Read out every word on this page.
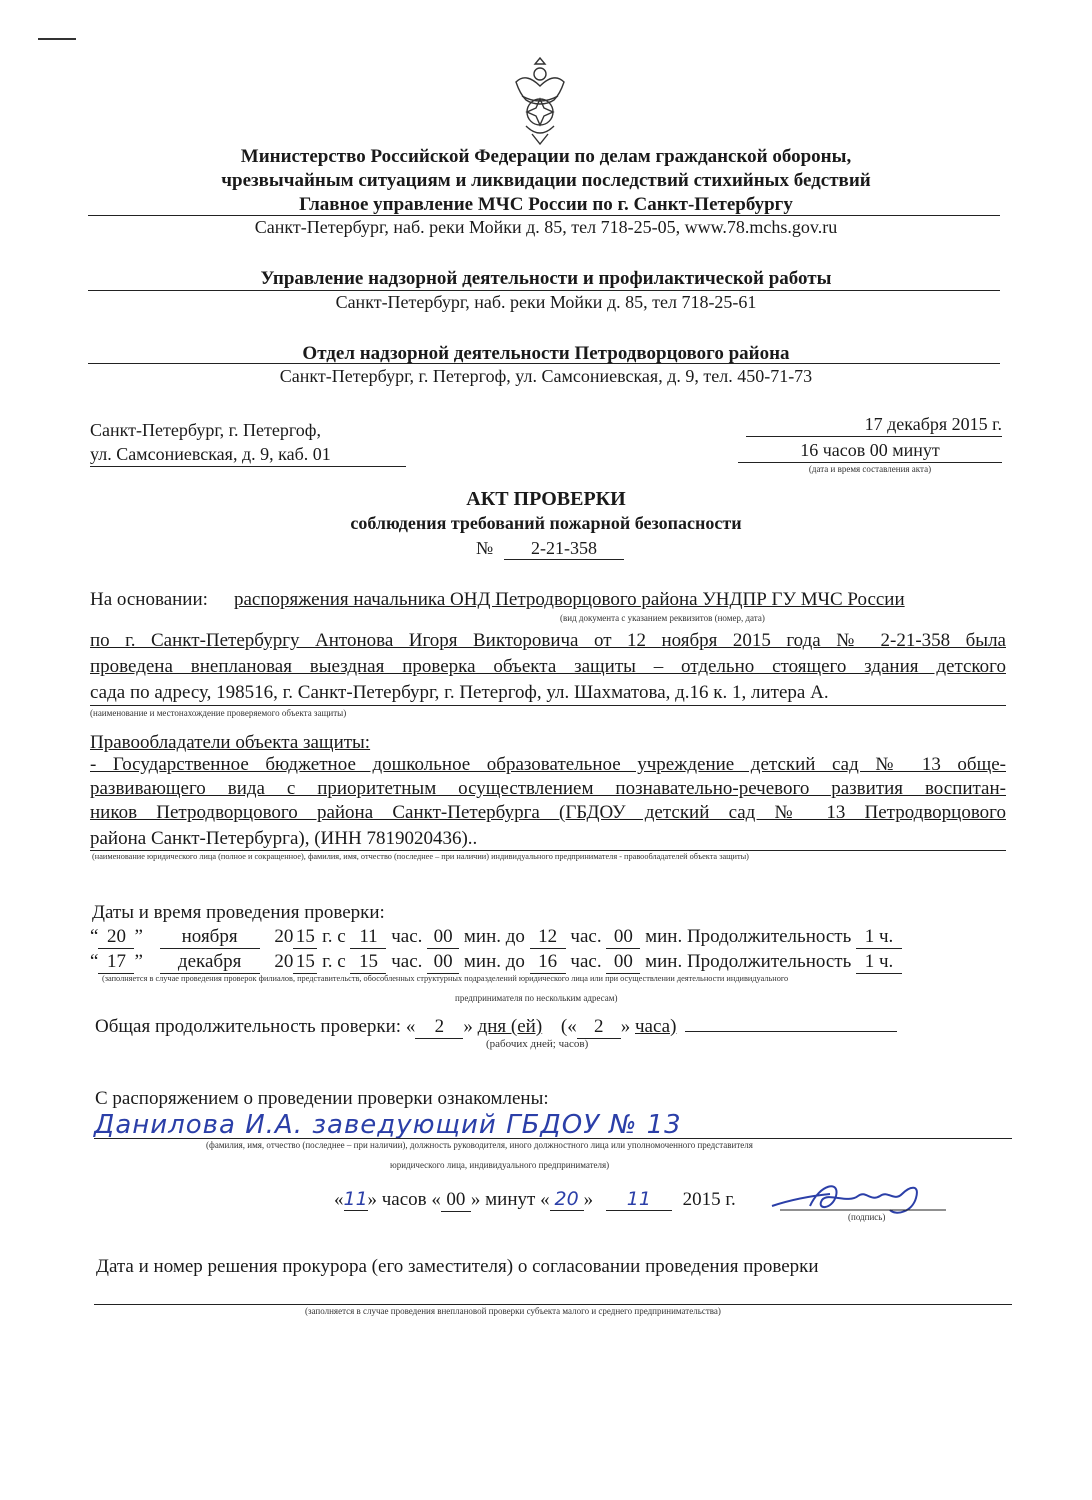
Министерство Российской Федерации по делам гражданской обороны,
чрезвычайным ситуациям и ликвидации последствий стихийных бедствий
Главное управление МЧС России по г. Санкт-Петербургу
Санкт-Петербург, наб. реки Мойки д. 85, тел 718-25-05, www.78.mchs.gov.ru
Управление надзорной деятельности и профилактической работы
Санкт-Петербург, наб. реки Мойки д. 85, тел 718-25-61
Отдел надзорной деятельности Петродворцового района
Санкт-Петербург, г. Петергоф, ул. Самсониевская, д. 9, тел. 450-71-73
Санкт-Петербург, г. Петергоф,
ул. Самсониевская, д. 9, каб. 01
17 декабря 2015 г.
16 часов 00 минут
(дата и время составления акта)
АКТ ПРОВЕРКИ
соблюдения требований пожарной безопасности
№	2-21-358
На основании: распоряжения начальника ОНД Петродворцового района УНДПР ГУ МЧС России
(вид документа с указанием реквизитов (номер, дата)
по г. Санкт-Петербургу Антонова Игоря Викторовича от 12 ноября 2015 года № 2-21-358 была
проведена внеплановая выездная проверка объекта защиты – отдельно стоящего здания детского
сада по адресу, 198516, г. Санкт-Петербург, г. Петергоф, ул. Шахматова, д.16 к. 1, литера А.
(наименование и местонахождение проверяемого объекта защиты)
Правообладатели объекта защиты:
- Государственное бюджетное дошкольное образовательное учреждение детский сад № 13 обще-
развивающего вида с приоритетным осуществлением познавательно-речевого развития воспитан-
ников Петродворцового района Санкт-Петербурга (ГБДОУ детский сад № 13 Петродворцового
района Санкт-Петербурга), (ИНН 7819020436)..
(наименование юридического лица (полное и сокращенное), фамилия, имя, отчество (последнее – при наличии) индивидуального предпринимателя - правообладателей объекта защиты)
Даты и время проведения проверки:
“ 20 ” ноября 20 15 г. с 11 час. 00 мин. до 12 час. 00 мин. Продолжительность 1 ч.
“ 17 ” декабря 20 15 г. с 15 час. 00 мин. до 16 час. 00 мин. Продолжительность 1 ч.
(заполняется в случае проведения проверок филиалов, представительств, обособленных структурных подразделений юридического лица или при осуществлении деятельности индивидуального
предпринимателя по нескольким адресам)
Общая продолжительность проверки: « 2 » дня (ей) (« 2 » часа)
(рабочих дней; часов)
С распоряжением о проведении проверки ознакомлены:
Данилова И.А. заведующий ГБДОУ № 13
(фамилия, имя, отчество (последнее – при наличии), должность руководителя, иного должностного лица или уполномоченного представителя
юридического лица, индивидуального предпринимателя)
«11» часов « 00 » минут « 20 » 11 2015 г.
(подпись)
Дата и номер решения прокурора (его заместителя) о согласовании проведения проверки
(заполняется в случае проведения внеплановой проверки субъекта малого и среднего предпринимательства)
